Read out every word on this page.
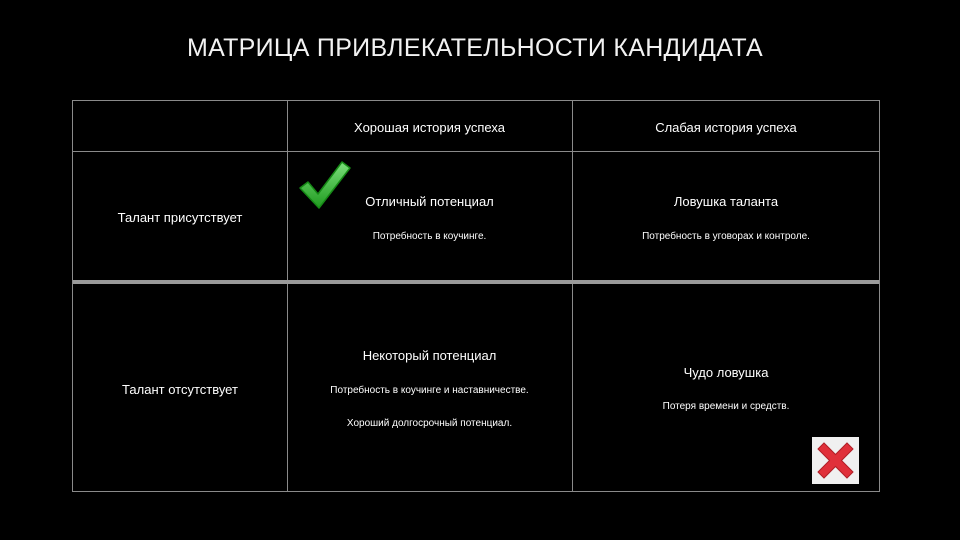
МАТРИЦА ПРИВЛЕКАТЕЛЬНОСТИ КАНДИДАТА
Хорошая история успеха	Слабая история успеха
Талант присутствует
Талант отсутствует
Отличный потенциал
Потребность в коучинге.
Ловушка таланта
Потребность в уговорах и контроле.
Некоторый потенциал
Потребность в коучинге и наставничестве.
Хороший долгосрочный потенциал.
Чудо ловушка
Потеря времени и средств.
